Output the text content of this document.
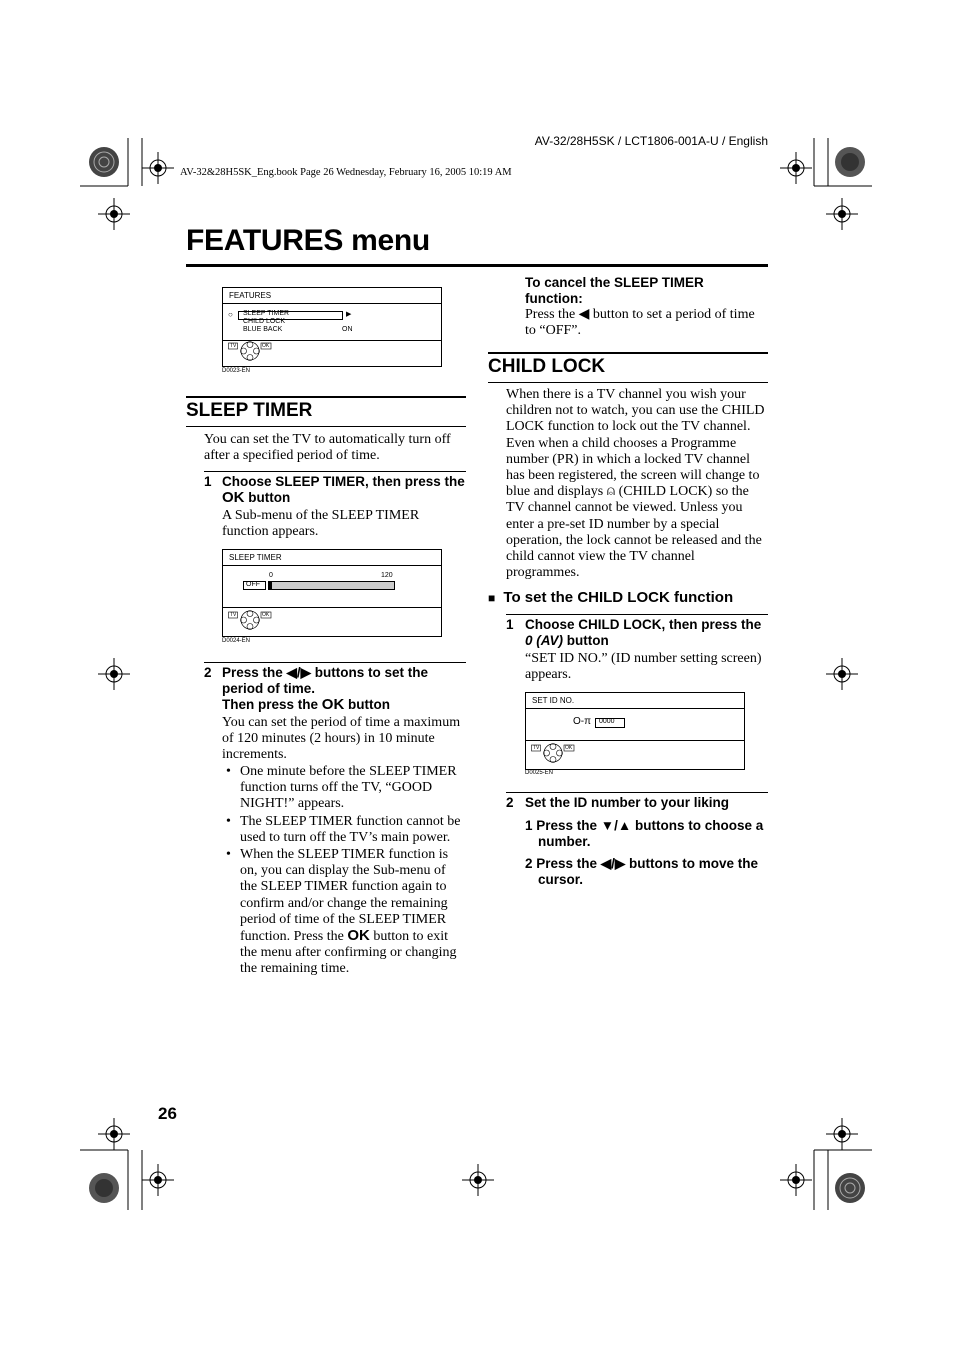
AV-32/28H5SK / LCT1806-001A-U / English
AV-32&28H5SK_Eng.book Page 26 Wednesday, February 16, 2005 10:19 AM
FEATURES menu
FEATURES
○ SLEEP TIMER	▶
CHILD LOCK
BLUE BACK	ON
TV	OK
D0023-EN
SLEEP TIMER
You can set the TV to automatically turn off after a specified period of time.
1 Choose SLEEP TIMER, then press the OK button
A Sub-menu of the SLEEP TIMER function appears.
SLEEP TIMER
0	120
OFF
TV	OK
D0024-EN
2 Press the ◀/▶ buttons to set the period of time.
Then press the OK button
You can set the period of time a maximum of 120 minutes (2 hours) in 10 minute increments.
• One minute before the SLEEP TIMER function turns off the TV, “GOOD NIGHT!” appears.
• The SLEEP TIMER function cannot be used to turn off the TV’s main power.
• When the SLEEP TIMER function is on, you can display the Sub-menu of the SLEEP TIMER function again to confirm and/or change the remaining period of time of the SLEEP TIMER function. Press the OK button to exit the menu after confirming or changing the remaining time.
26
To cancel the SLEEP TIMER function:
Press the ◀ button to set a period of time to “OFF”.
CHILD LOCK
When there is a TV channel you wish your children not to watch, you can use the CHILD LOCK function to lock out the TV channel. Even when a child chooses a Programme number (PR) in which a locked TV channel has been registered, the screen will change to blue and displays ⍝ (CHILD LOCK) so the TV channel cannot be viewed. Unless you enter a pre-set ID number by a special operation, the lock cannot be released and the child cannot view the TV channel programmes.
■ To set the CHILD LOCK function
1 Choose CHILD LOCK, then press the 0 (AV) button
“SET ID NO.” (ID number setting screen) appears.
SET ID NO.
O‑π 0000
TV	OK
D0025-EN
2 Set the ID number to your liking
1 Press the ▼/▲ buttons to choose a number.
2 Press the ◀/▶ buttons to move the cursor.
